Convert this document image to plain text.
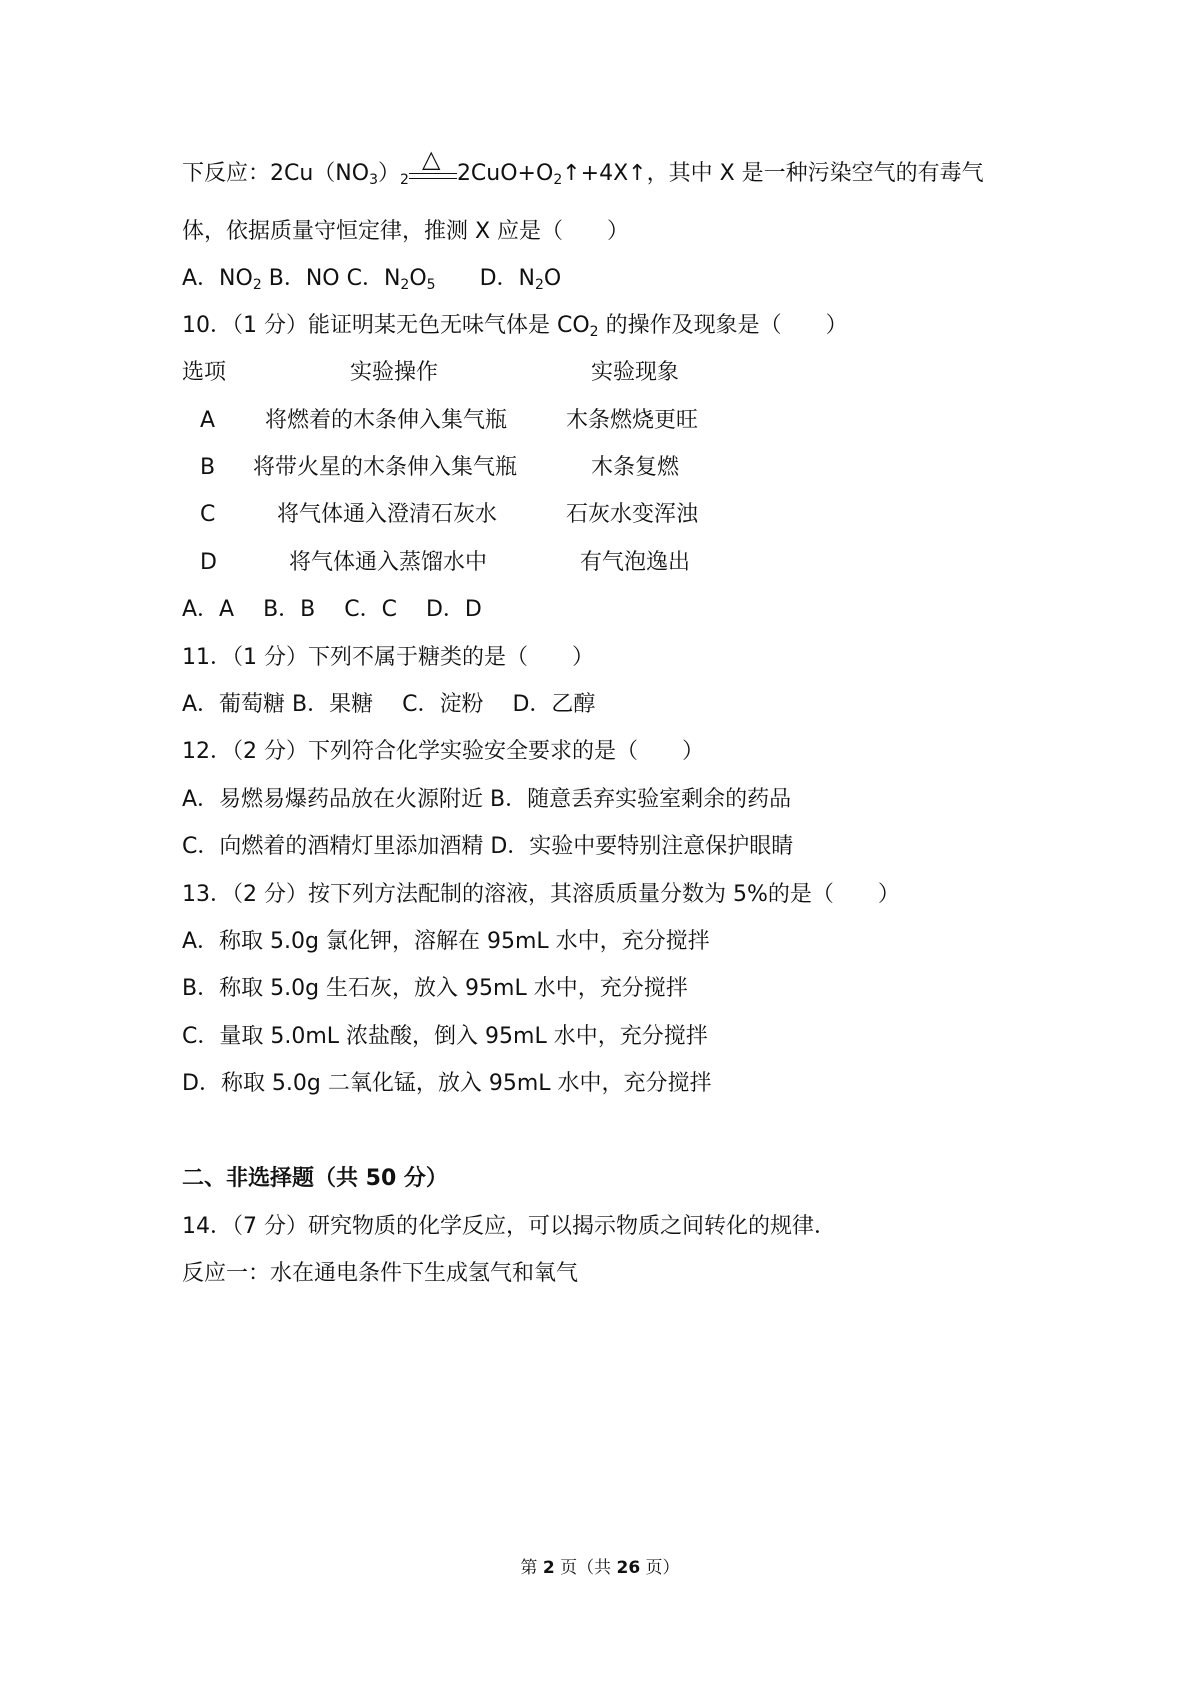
下反应：$2Cu(NO_3)_2$
△
$2CuO+O_2↑+4X↑$，其中 X 是一种污染空气的有毒气
体，依据质量守恒定律，推测 X 应是（　　）
A．$NO_2$ B．NO C．$N_2O_5$　　D．$N_2O$
10．（1 分）能证明某无色无味气体是 $CO_2$ 的操作及现象是（　　）
选项	实验操作	实验现象
A 将燃着的木条伸入集气瓶	木条燃烧更旺
B 将带火星的木条伸入集气瓶	木条复燃
C	将气体通入澄清石灰水	石灰水变浑浊
D	将气体通入蒸馏水中	有气泡逸出
A．A　 B．B　 C．C　 D．D
11．（1 分）下列不属于糖类的是（　　）
A．葡萄糖 B．果糖　 C．淀粉　 D．乙醇
12．（2 分）下列符合化学实验安全要求的是（　　）
A．易燃易爆药品放在火源附近 B．随意丢弃实验室剩余的药品
C．向燃着的酒精灯里添加酒精 D．实验中要特别注意保护眼睛
13．（2 分）按下列方法配制的溶液，其溶质质量分数为 5%的是（　　）
A．称取 5.0g 氯化钾，溶解在 95mL 水中，充分搅拌
B．称取 5.0g 生石灰，放入 95mL 水中，充分搅拌
C．量取 5.0mL 浓盐酸，倒入 95mL 水中，充分搅拌
D．称取 5.0g 二氧化锰，放入 95mL 水中，充分搅拌
二、非选择题（共 50 分）
14．（7 分）研究物质的化学反应，可以揭示物质之间转化的规律．
反应一：水在通电条件下生成氢气和氧气
第 2 页（共 26 页）
